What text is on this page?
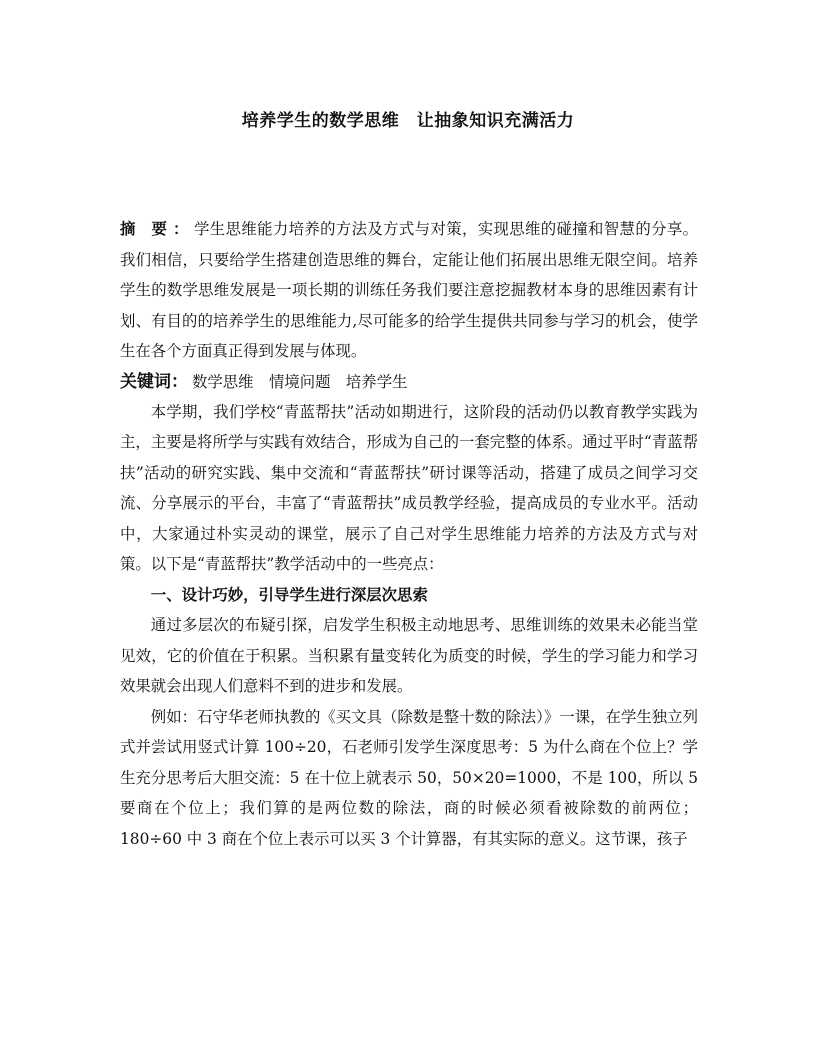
培养学生的数学思维　让抽象知识充满活力

摘　要 ： 学生思维能力培养的方法及方式与对策，实现思维的碰撞和智慧的分享。我们相信，只要给学生搭建创造思维的舞台，定能让他们拓展出思维无限空间。培养学生的数学思维发展是一项长期的训练任务我们要注意挖掘教材本身的思维因素有计划、有目的的培养学生的思维能力,尽可能多的给学生提供共同参与学习的机会，使学生在各个方面真正得到发展与体现。

关键词： 数学思维　情境问题　培养学生

本学期，我们学校“青蓝帮扶”活动如期进行，这阶段的活动仍以教育教学实践为主，主要是将所学与实践有效结合，形成为自己的一套完整的体系。通过平时“青蓝帮扶”活动的研究实践、集中交流和“青蓝帮扶”研讨课等活动，搭建了成员之间学习交流、分享展示的平台，丰富了“青蓝帮扶”成员教学经验，提高成员的专业水平。活动中，大家通过朴实灵动的课堂，展示了自己对学生思维能力培养的方法及方式与对策。以下是“青蓝帮扶”教学活动中的一些亮点：

一、设计巧妙，引导学生进行深层次思索

通过多层次的布疑引探，启发学生积极主动地思考、思维训练的效果未必能当堂见效，它的价值在于积累。当积累有量变转化为质变的时候，学生的学习能力和学习效果就会出现人们意料不到的进步和发展。

例如：石守华老师执教的《买文具（除数是整十数的除法）》一课，在学生独立列式并尝试用竖式计算 100÷20，石老师引发学生深度思考：5 为什么商在个位上？学生充分思考后大胆交流：5 在十位上就表示 50，50×20=1000，不是 100，所以 5 要商在个位上；我们算的是两位数的除法，商的时候必须看被除数的前两位；180÷60 中 3 商在个位上表示可以买 3 个计算器，有其实际的意义。这节课，孩子
